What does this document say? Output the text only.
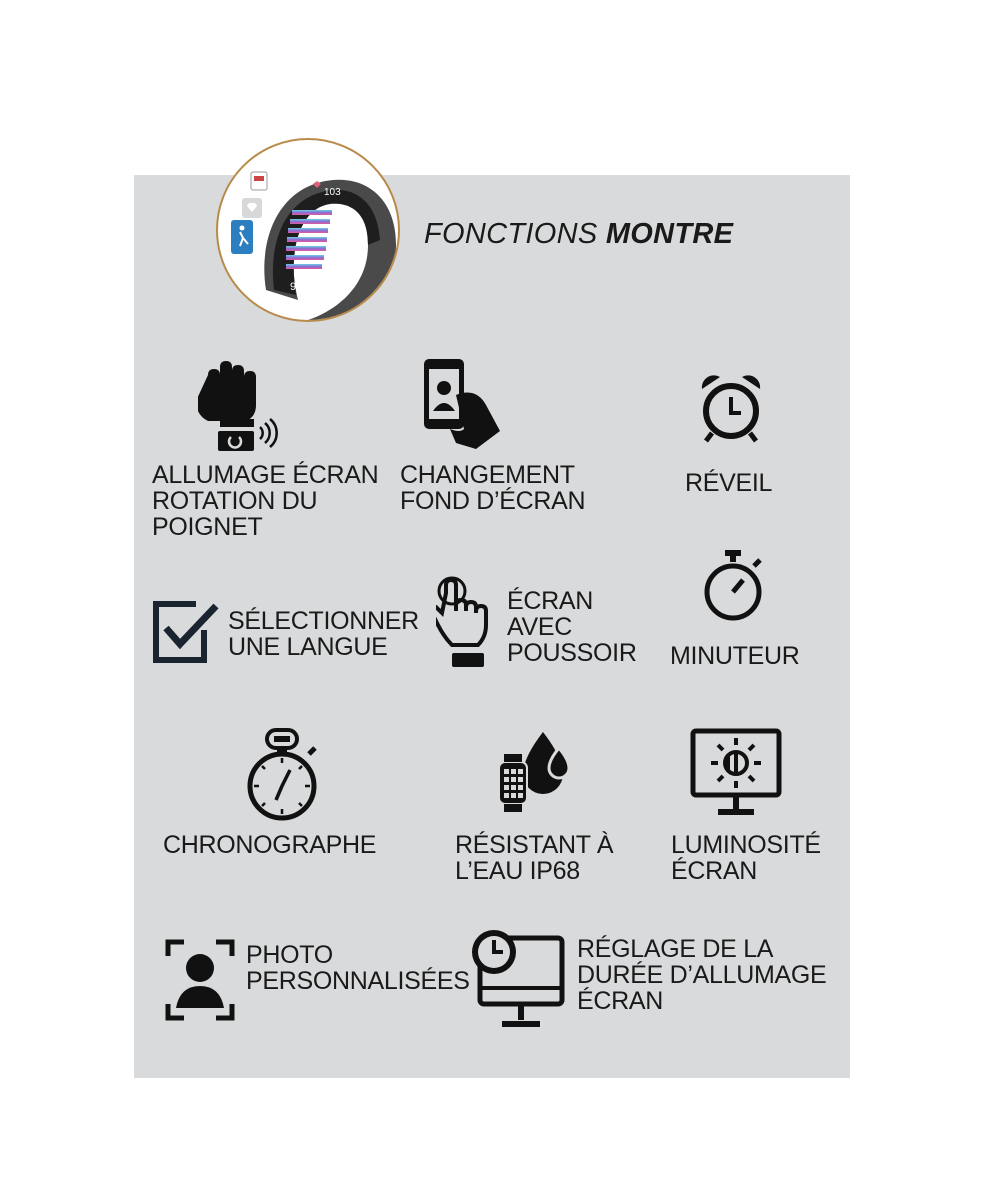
103
9020
FONCTIONS MONTRE
ALLUMAGE ÉCRAN
ROTATION DU
POIGNET
CHANGEMENT
FOND D’ÉCRAN
RÉVEIL
SÉLECTIONNER
UNE LANGUE
ÉCRAN
AVEC
POUSSOIR MINUTEUR
CHRONOGRAPHE	RÉSISTANT À
L’EAU IP68
LUMINOSITÉ
ÉCRAN
PHOTO
PERSONNALISÉES
RÉGLAGE DE LA
DURÉE D’ALLUMAGE
ÉCRAN
